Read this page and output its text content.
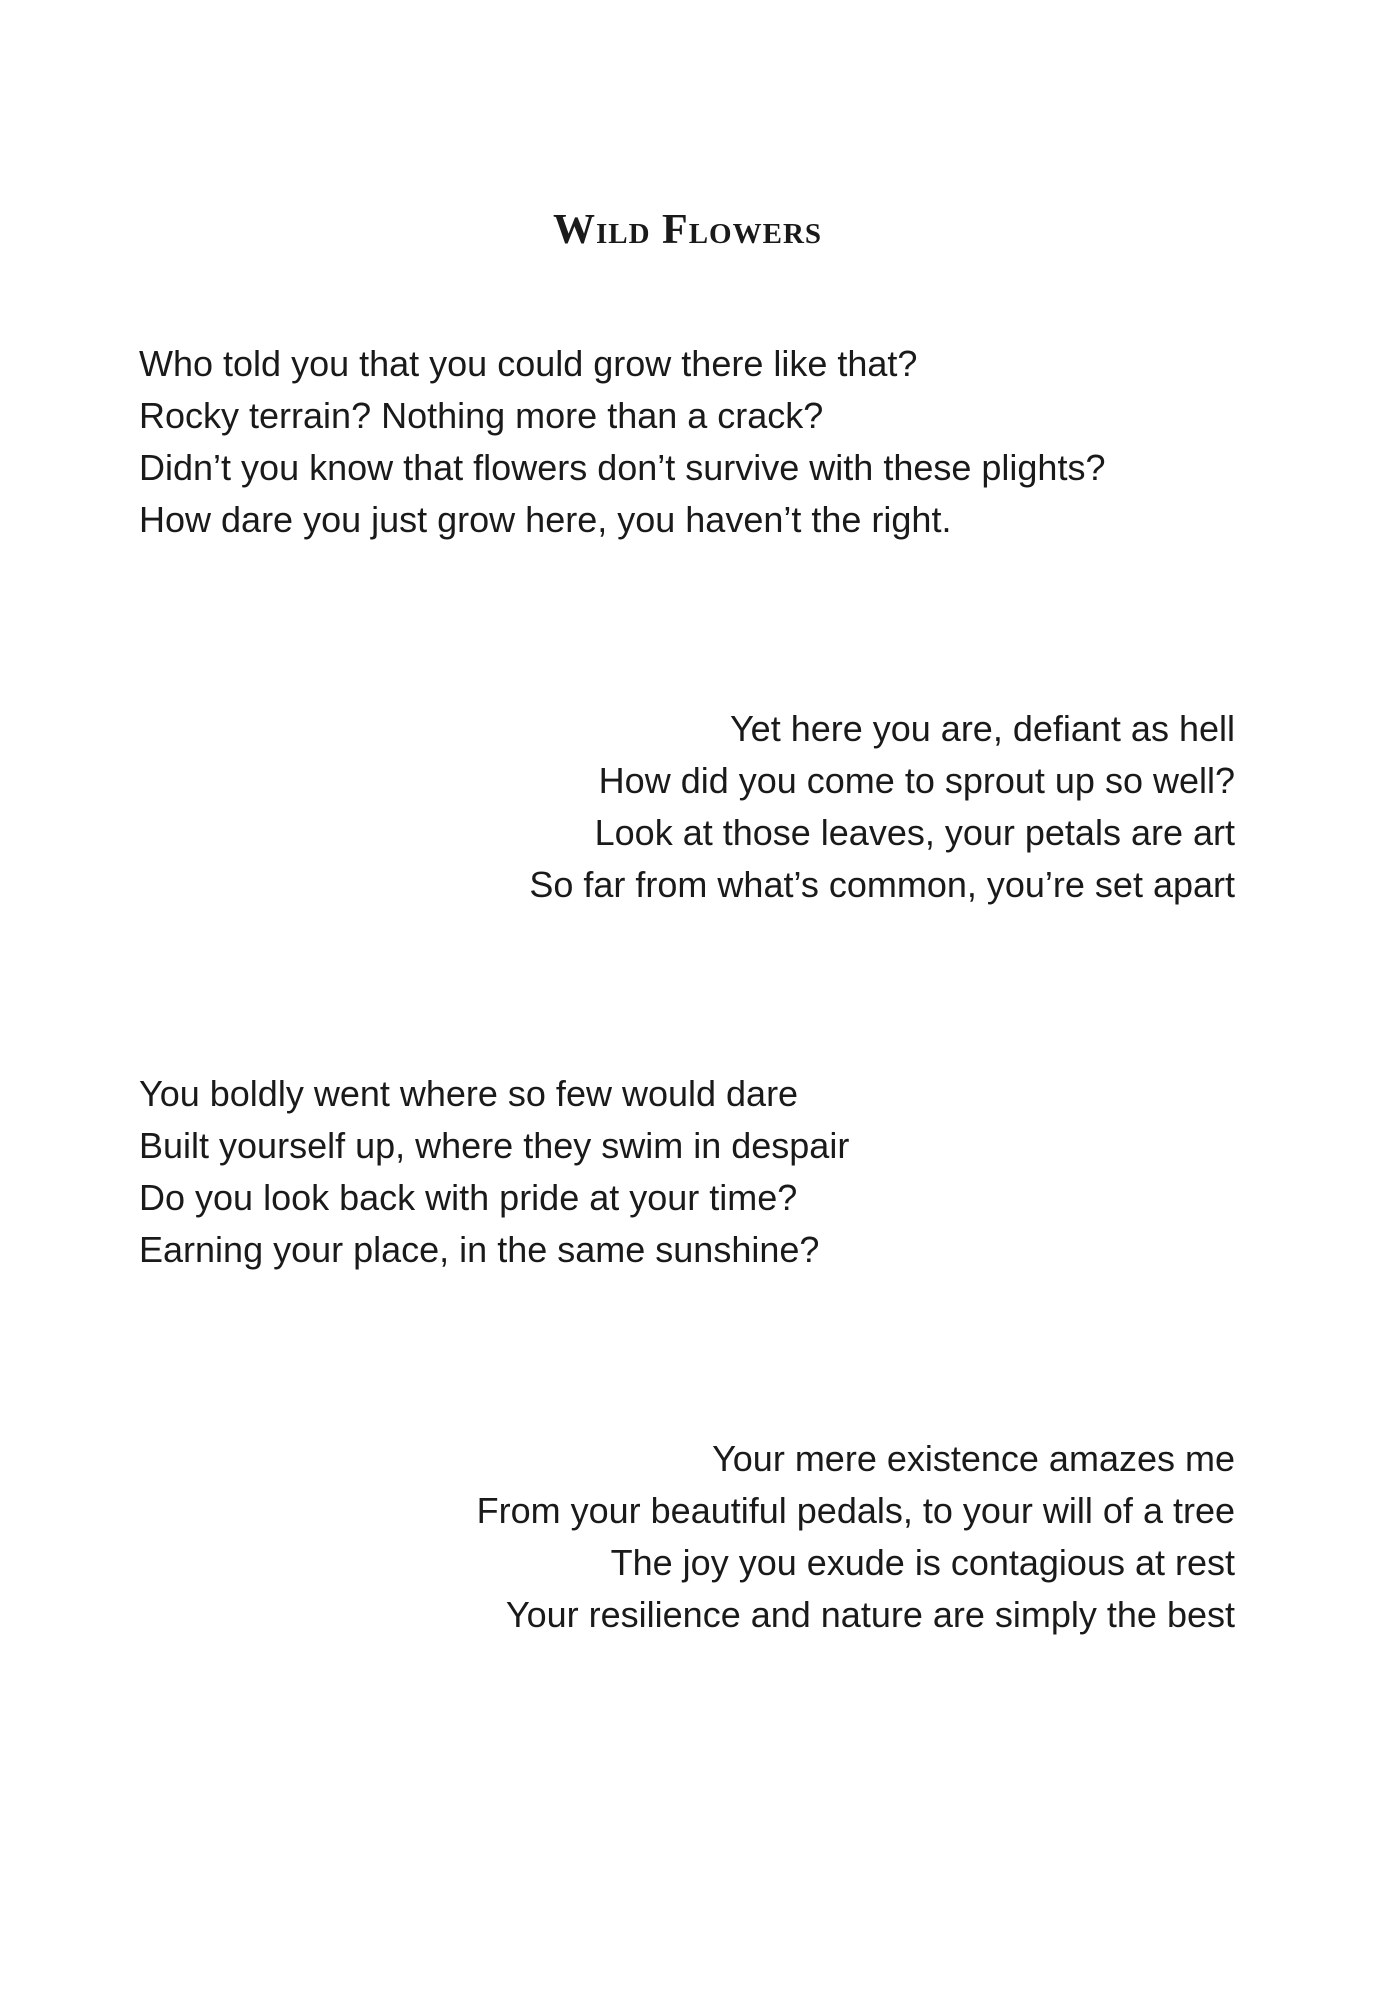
Wild Flowers
Who told you that you could grow there like that?
Rocky terrain? Nothing more than a crack?
Didn’t you know that flowers don’t survive with these plights?
How dare you just grow here, you haven’t the right.
Yet here you are, defiant as hell
How did you come to sprout up so well?
Look at those leaves, your petals are art
So far from what’s common, you’re set apart
You boldly went where so few would dare
Built yourself up, where they swim in despair
Do you look back with pride at your time?
Earning your place, in the same sunshine?
Your mere existence amazes me
From your beautiful pedals, to your will of a tree
The joy you exude is contagious at rest
Your resilience and nature are simply the best
